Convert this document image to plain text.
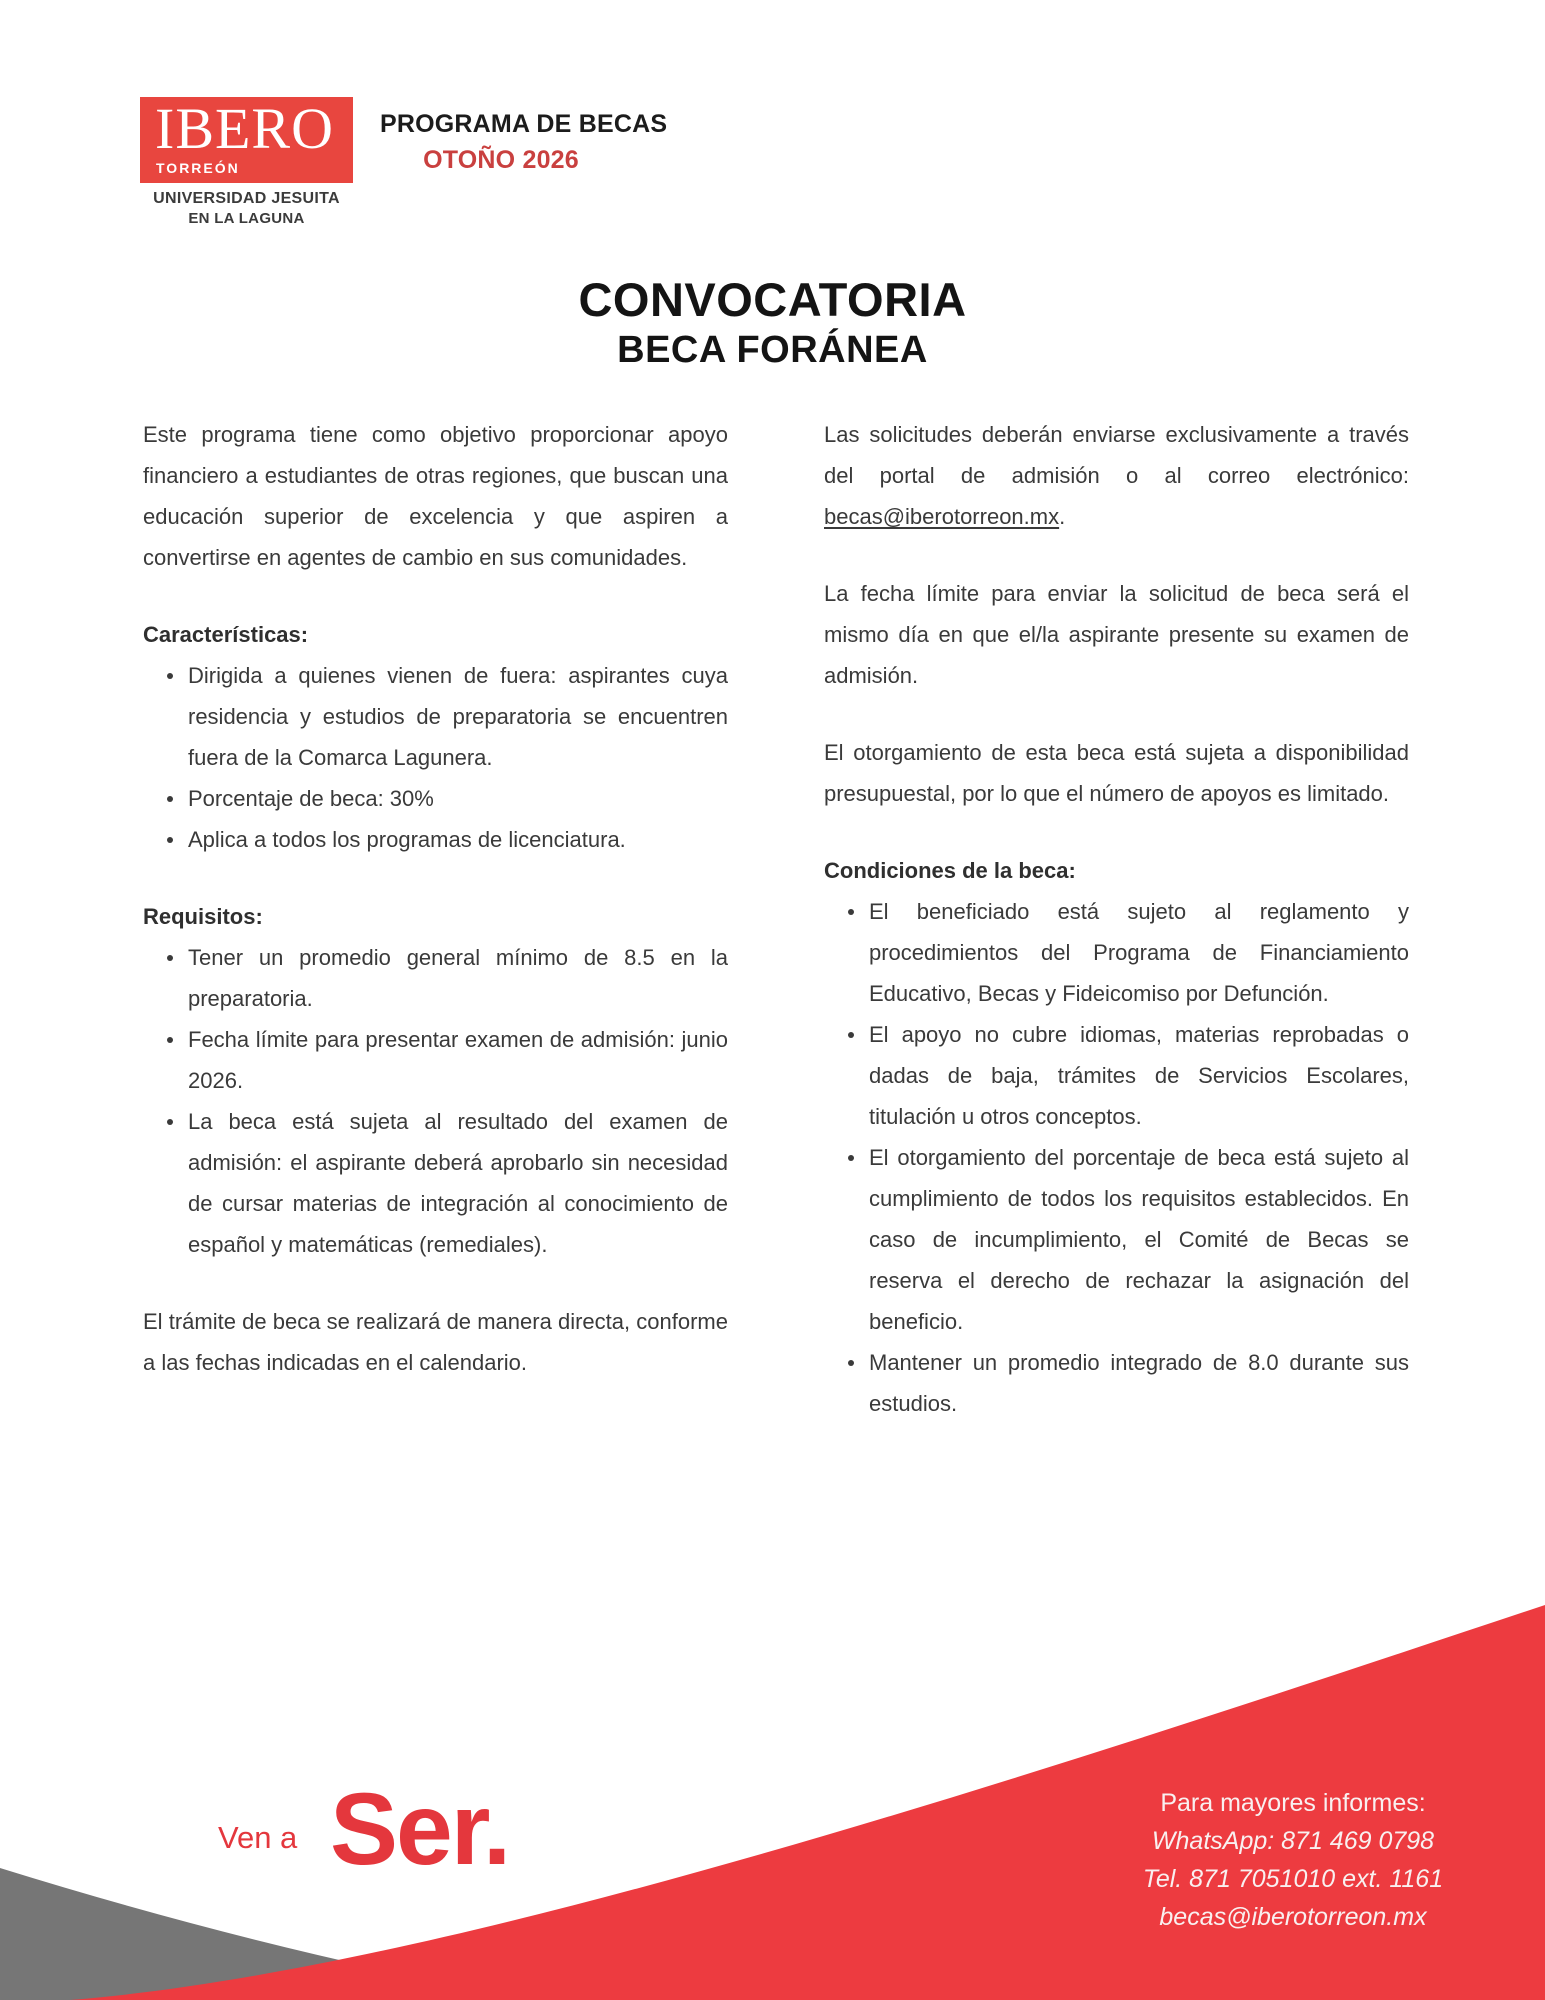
IBERO
TORREÓN
UNIVERSIDAD JESUITA
EN LA LAGUNA
PROGRAMA DE BECAS
OTOÑO 2026
CONVOCATORIA
BECA FORÁNEA

Este programa tiene como objetivo proporcionar apoyo financiero a estudiantes de otras regiones, que buscan una educación superior de excelencia y que aspiren a convertirse en agentes de cambio en sus comunidades.

Características:
Dirigida a quienes vienen de fuera: aspirantes cuya residencia y estudios de preparatoria se encuentren fuera de la Comarca Lagunera.
Porcentaje de beca: 30%
Aplica a todos los programas de licenciatura.
Requisitos:
Tener un promedio general mínimo de 8.5 en la preparatoria.
Fecha límite para presentar examen de admisión: junio 2026.
La beca está sujeta al resultado del examen de admisión: el aspirante deberá aprobarlo sin necesidad de cursar materias de integración al conocimiento de español y matemáticas (remediales).

El trámite de beca se realizará de manera directa, conforme a las fechas indicadas en el calendario.

Las solicitudes deberán enviarse exclusivamente a través del portal de admisión o al correo electrónico: becas@iberotorreon.mx.

La fecha límite para enviar la solicitud de beca será el mismo día en que el/la aspirante presente su examen de admisión.

El otorgamiento de esta beca está sujeta a disponibilidad presupuestal, por lo que el número de apoyos es limitado.

Condiciones de la beca:
El beneficiado está sujeto al reglamento y procedimientos del Programa de Financiamiento Educativo, Becas y Fideicomiso por Defunción.
El apoyo no cubre idiomas, materias reprobadas o dadas de baja, trámites de Servicios Escolares, titulación u otros conceptos.
El otorgamiento del porcentaje de beca está sujeto al cumplimiento de todos los requisitos establecidos. En caso de incumplimiento, el Comité de Becas se reserva el derecho de rechazar la asignación del beneficio.
Mantener un promedio integrado de 8.0 durante sus estudios.
Ven a Ser.	Para mayores informes:
WhatsApp: 871 469 0798
Tel. 871 7051010 ext. 1161
becas@iberotorreon.mx
